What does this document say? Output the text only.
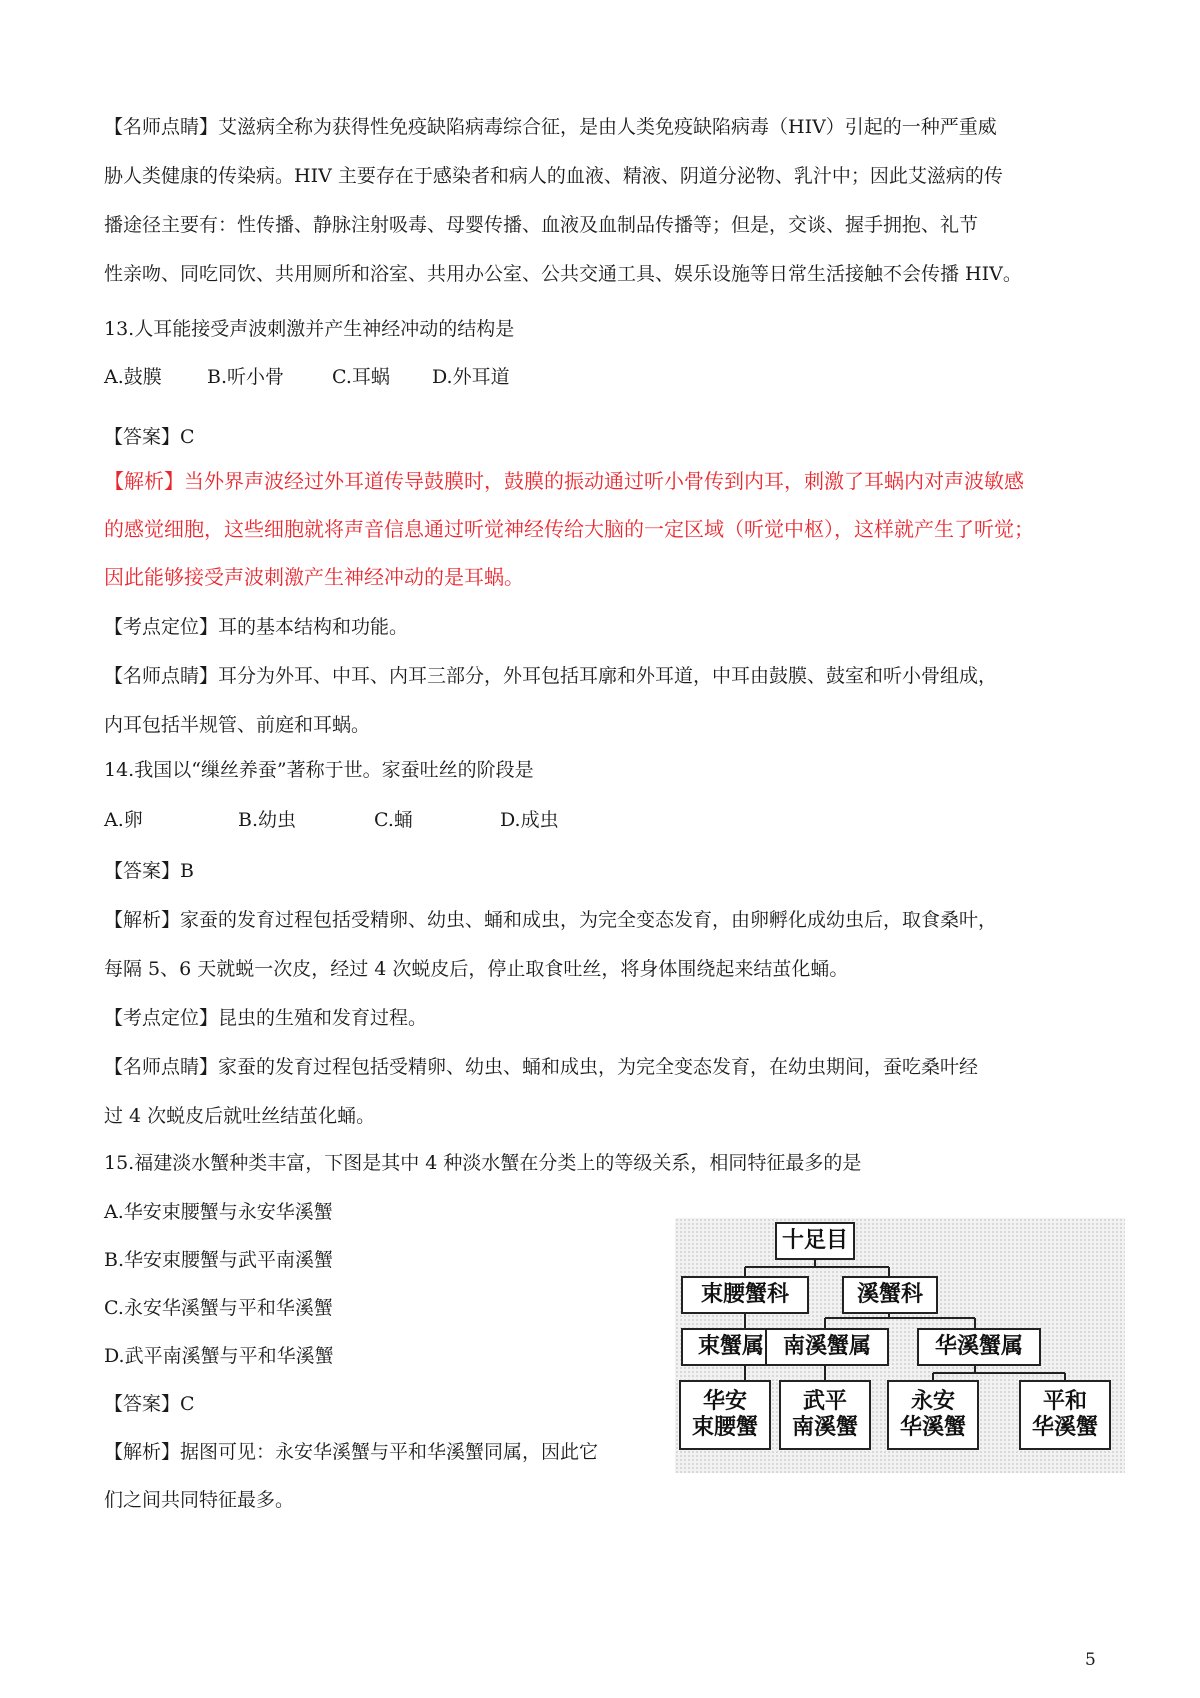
【名师点睛】艾滋病全称为获得性免疫缺陷病毒综合征，是由人类免疫缺陷病毒（HIV）引起的一种严重威
胁人类健康的传染病。HIV 主要存在于感染者和病人的血液、精液、阴道分泌物、乳汁中；因此艾滋病的传
播途径主要有：性传播、静脉注射吸毒、母婴传播、血液及血制品传播等；但是，交谈、握手拥抱、礼节
性亲吻、同吃同饮、共用厕所和浴室、共用办公室、公共交通工具、娱乐设施等日常生活接触不会传播 HIV。
13.人耳能接受声波刺激并产生神经冲动的结构是
A.鼓膜 B.听小骨	C.耳蜗 D.外耳道
【答案】C
【解析】当外界声波经过外耳道传导鼓膜时，鼓膜的振动通过听小骨传到内耳，刺激了耳蜗内对声波敏感
的感觉细胞，这些细胞就将声音信息通过听觉神经传给大脑的一定区域（听觉中枢），这样就产生了听觉；
因此能够接受声波刺激产生神经冲动的是耳蜗。
【考点定位】耳的基本结构和功能。
【名师点睛】耳分为外耳、中耳、内耳三部分，外耳包括耳廓和外耳道，中耳由鼓膜、鼓室和听小骨组成，
内耳包括半规管、前庭和耳蜗。
14.我国以“缫丝养蚕”著称于世。家蚕吐丝的阶段是
A.卵	B.幼虫	C.蛹	D.成虫
【答案】B
【解析】家蚕的发育过程包括受精卵、幼虫、蛹和成虫，为完全变态发育，由卵孵化成幼虫后，取食桑叶，
每隔 5、6 天就蜕一次皮，经过 4 次蜕皮后，停止取食吐丝，将身体围绕起来结茧化蛹。
【考点定位】昆虫的生殖和发育过程。
【名师点睛】家蚕的发育过程包括受精卵、幼虫、蛹和成虫，为完全变态发育，在幼虫期间，蚕吃桑叶经
过 4 次蜕皮后就吐丝结茧化蛹。
15.福建淡水蟹种类丰富，下图是其中 4 种淡水蟹在分类上的等级关系，相同特征最多的是
A.华安束腰蟹与永安华溪蟹
B.华安束腰蟹与武平南溪蟹
C.永安华溪蟹与平和华溪蟹
D.武平南溪蟹与平和华溪蟹
【答案】C
【解析】据图可见：永安华溪蟹与平和华溪蟹同属，因此它
们之间共同特征最多。
十足目
束腰蟹科	溪蟹科
束蟹属 南溪蟹属	华溪蟹属
华安
束腰蟹
武平
南溪蟹
永安
华溪蟹
平和
华溪蟹
5
